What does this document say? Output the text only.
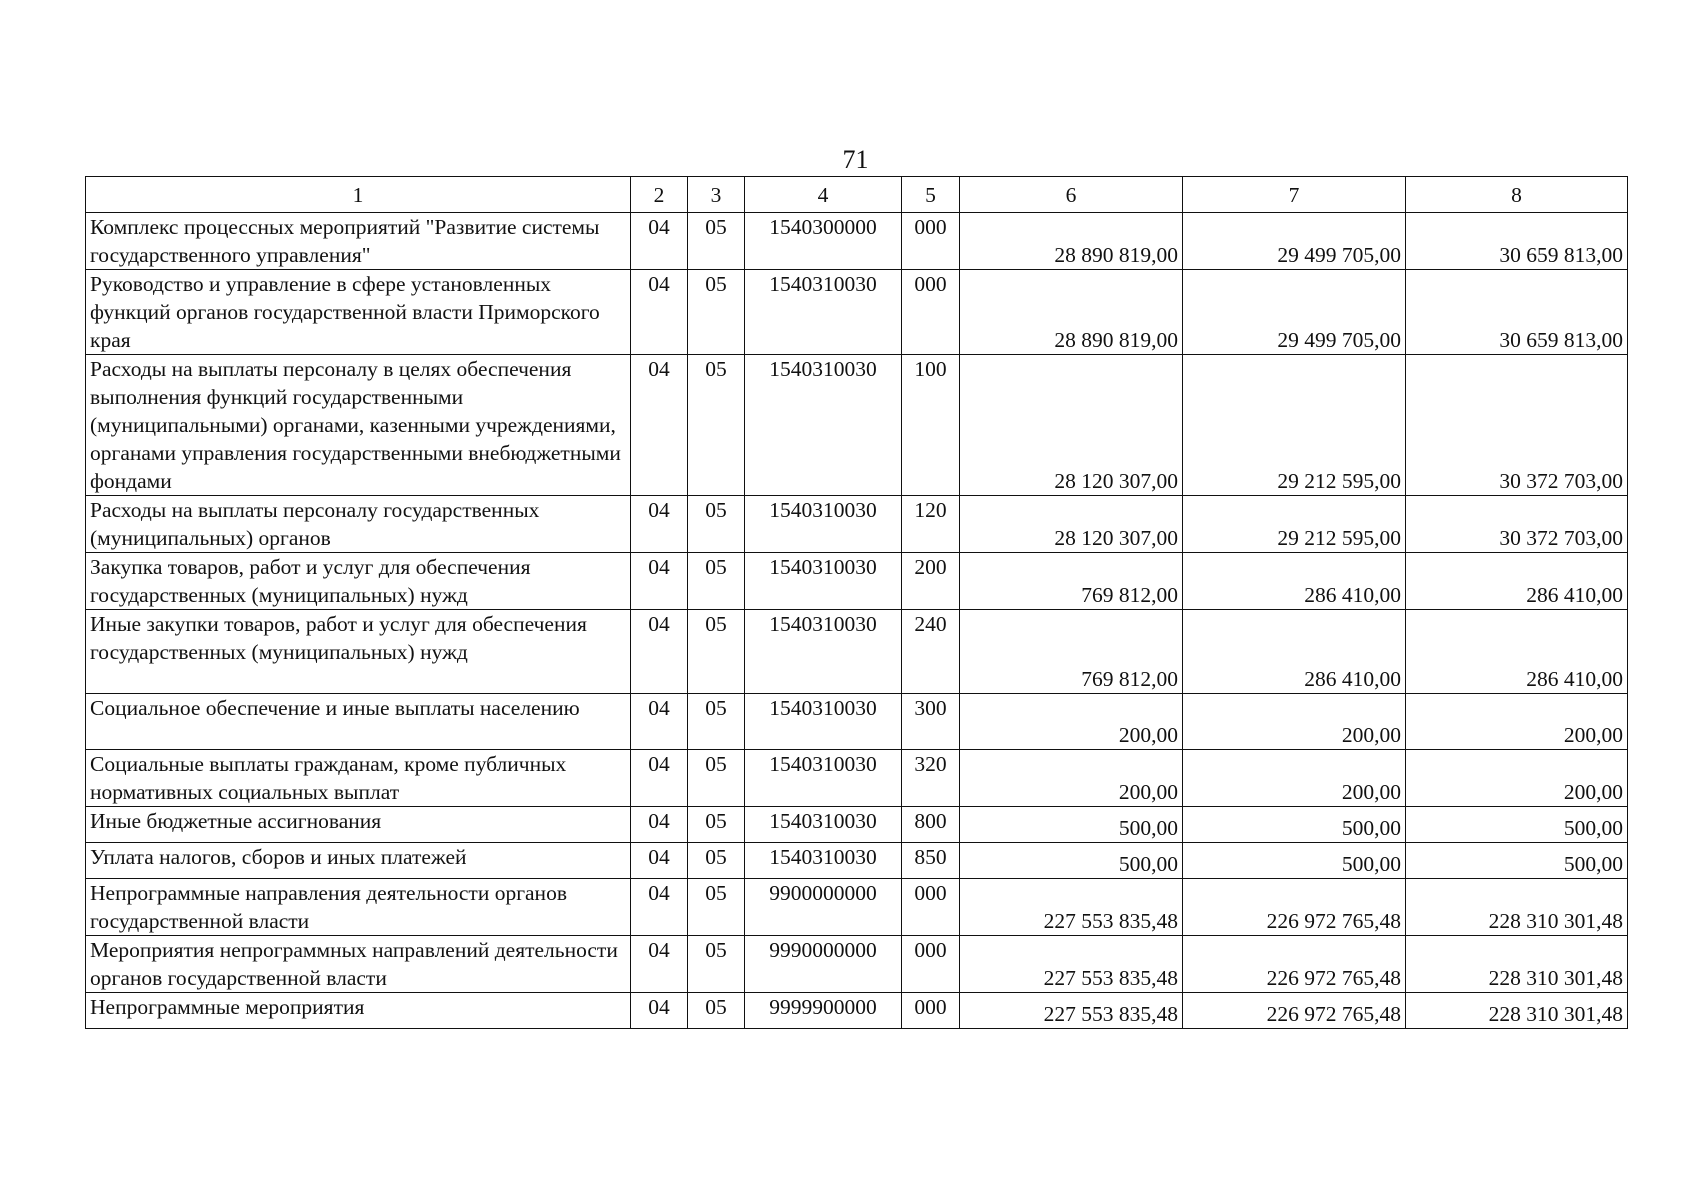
71
1	2	3	4	5	6	7	8
Комплекс процессных мероприятий "Развитие системы государственного управления"	04	05	1540300000	000	28 890 819,00	29 499 705,00	30 659 813,00
Руководство и управление в сфере установленных функций органов государственной власти Приморского края	04	05	1540310030	000	28 890 819,00	29 499 705,00	30 659 813,00
Расходы на выплаты персоналу в целях обеспечения выполнения функций государственными (муниципальными) органами, казенными учреждениями, органами управления государственными внебюджетными фондами	04	05	1540310030	100	28 120 307,00	29 212 595,00	30 372 703,00
Расходы на выплаты персоналу государственных (муниципальных) органов	04	05	1540310030	120	28 120 307,00	29 212 595,00	30 372 703,00
Закупка товаров, работ и услуг для обеспечения государственных (муниципальных) нужд	04	05	1540310030	200	769 812,00	286 410,00	286 410,00
Иные закупки товаров, работ и услуг для обеспечения государственных (муниципальных) нужд	04	05	1540310030	240	769 812,00	286 410,00	286 410,00
Социальное обеспечение и иные выплаты населению	04	05	1540310030	300	200,00	200,00	200,00
Социальные выплаты гражданам, кроме публичных нормативных социальных выплат	04	05	1540310030	320	200,00	200,00	200,00
Иные бюджетные ассигнования	04	05	1540310030	800	500,00	500,00	500,00
Уплата налогов, сборов и иных платежей	04	05	1540310030	850	500,00	500,00	500,00
Непрограммные направления деятельности органов государственной власти	04	05	9900000000	000	227 553 835,48	226 972 765,48	228 310 301,48
Мероприятия непрограммных направлений деятельности органов государственной власти	04	05	9990000000	000	227 553 835,48	226 972 765,48	228 310 301,48
Непрограммные мероприятия	04	05	9999900000	000	227 553 835,48	226 972 765,48	228 310 301,48
